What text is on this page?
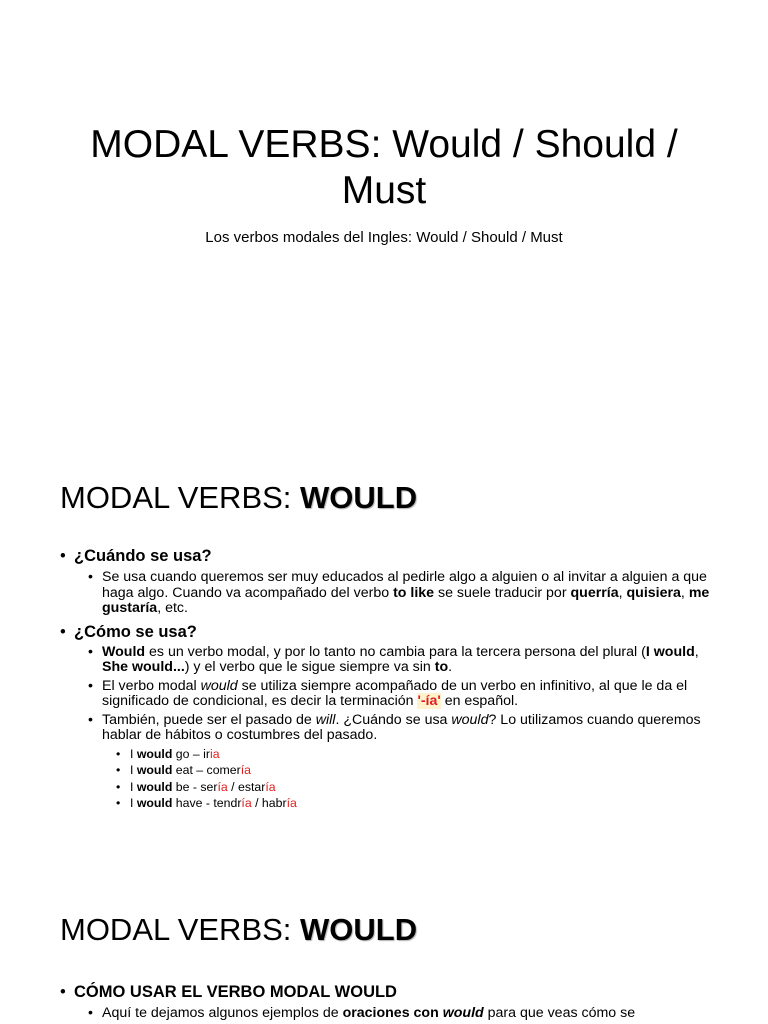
MODAL VERBS: Would / Should / Must
Los verbos modales del Ingles: Would / Should / Must
MODAL VERBS: WOULD
• ¿Cuándo se usa?
• Se usa cuando queremos ser muy educados al pedirle algo a alguien o al invitar a alguien a que haga algo. Cuando va acompañado del verbo to like se suele traducir por querría, quisiera, me gustaría, etc.
• ¿Cómo se usa?
• Would es un verbo modal, y por lo tanto no cambia para la tercera persona del plural (I would, She would...) y el verbo que le sigue siempre va sin to.
• El verbo modal would se utiliza siempre acompañado de un verbo en infinitivo, al que le da el significado de condicional, es decir la terminación '-ía' en español.
• También, puede ser el pasado de will. ¿Cuándo se usa would? Lo utilizamos cuando queremos hablar de hábitos o costumbres del pasado.
• I would go – iria
• I would eat – comería
• I would be - sería / estaría
• I would have - tendría / habría
MODAL VERBS: WOULD
• CÓMO USAR EL VERBO MODAL WOULD
• Aquí te dejamos algunos ejemplos de oraciones con would para que veas cómo se
